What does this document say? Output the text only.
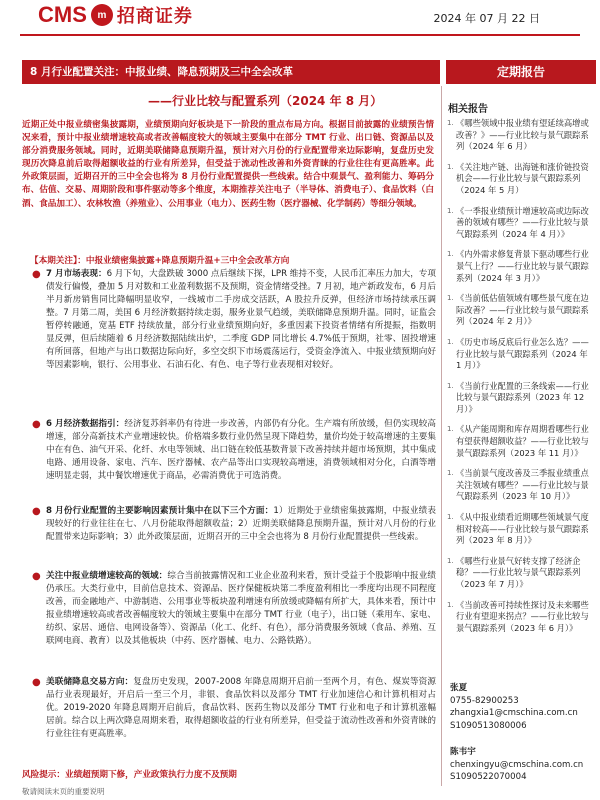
CMS m 招商证券	2024 年 07 月 22 日
8 月行业配置关注：中报业绩、降息预期及三中全会改革	定期报告
——行业比较与配置系列（2024 年 8 月）

近期正处中报业绩密集披露期，业绩预期向好板块是下一阶段的重点布局方向。根据目前披露的业绩预告情况来看，预计中报业绩增速较高或者改善幅度较大的领域主要集中在部分 TMT 行业、出口链、资源品以及部分消费服务领域。同时，近期美联储降息预期升温，预计对六月份的行业配置带来边际影响，复盘历史发现历次降息前后取得超额收益的行业有所差异，但受益于流动性改善和外资青睐的行业往往有更高胜率。此外政策层面，近期召开的三中全会也将为 8 月份行业配置提供一些线索。结合中观景气、盈利能力、筹码分布、估值、交易、周期阶段和事件驱动等多个维度，本期推荐关注电子（半导体、消费电子）、食品饮料（白酒、食品加工）、农林牧渔（养殖业）、公用事业（电力）、医药生物（医疗器械、化学制药）等细分领域。

【本期关注】：中报业绩密集披露+降息预期升温+三中全会改革方向
● 7 月市场表现：6 月下旬，大盘跌破 3000 点后继续下探，LPR 维持不变，人民币汇率压力加大，专项债发行偏慢，叠加 5 月对数和工业盈利数据不及预期，资金情绪受挫。7 月初，地产新政发布，6 月后半月新房销售同比降幅明显收窄，一线城市二手房成交活跃，A 股拉升反弹，但经济市场持续承压调整。7 月第二周，美国 6 月经济数据持续走弱，服务业景气趋缓，美联储降息预期升温。同时，证监会暂停转融通，宽基 ETF 持续放量，部分行业业绩预期向好，多重因素下投资者情绪有所提振，指数明显反弹，但后续随着 6 月经济数据陆续出炉，二季度 GDP 同比增长 4.7%低于预期，社零、固投增速有所回落，但地产与出口数据边际向好，多空交织下市场震荡运行，受资金净流入、中报业绩预期向好等因素影响，银行、公用事业、石油石化、有色、电子等行业表现相对较好。
● 6 月经济数据指引：经济复苏斜率仍有待进一步改善，内部仍有分化。生产端有所放缓，但仍实现较高增速，部分高新技术产业增速较快。价格端多数行业仍然呈现下降趋势，量价均处于较高增速的主要集中在有色、油气开采、化纤、水电等领域、出口链在较低基数背景下改善持续并超市场预期，其中集成电路、通用设备、家电、汽车、医疗器械、农产品等出口实现较高增速，消费领域相对分化，白酒等增速明显走弱，其中餐饮增速优于商品，必需消费优于可选消费。
● 8 月份行业配置的主要影响因素预计集中在以下三个方面：1）近期处于业绩密集披露期，中报业绩表现较好的行业往往在七、八月份能取得超额收益；2）近期美联储降息预期升温，预计对八月份的行业配置带来边际影响；3）此外政策层面，近期召开的三中全会也将为 8 月份行业配置提供一些线索。
● 关注中报业绩增速较高的领域：综合当前披露情况和工业企业盈利来看，预计受益于个股影响中报业绩仍承压。大类行业中，目前信息技术、资源品、医疗保健板块第二季度盈利相比一季度均出现不同程度改善，而金融地产、中游制造、公用事业等板块盈利增速有所放缓或降幅有所扩大，具体来看，预计中报业绩增速较高或者改善幅度较大的领域主要集中在部分 TMT 行业（电子），出口链（乘用车、家电、纺织、家居、通信、电网设备等）、资源品（化工、化纤、有色），部分消费服务领域（食品、养殖、互联网电商、教育）以及其他板块（中药、医疗器械、电力、公路铁路）。
● 美联储降息交易方向：复盘历史发现，2007-2008 年降息周期开启前一至两个月，有色、煤炭等资源品行业表现最好，开启后一至三个月，非银、食品饮料以及部分 TMT 行业加速信心和计算机相对占优。2019-2020 年降息周期开启前后，食品饮料、医药生物以及部分 TMT 行业和电子和计算机涨幅居前。综合以上两次降息周期来看，取得超额收益的行业有所差异，但受益于流动性改善和外资青睐的行业往往有更高胜率。
风险提示：业绩超预期下修，产业政策执行力度不及预期
敬请阅读末页的重要说明
相关报告
1. 《哪些领域中报业绩有望延续高增或改善？》——行业比较与景气跟踪系列（2024 年 6 月）
1. 《关注地产链、出海链和涨价链投资机会——行业比较与景气跟踪系列（2024 年 5 月）
1. 《一季报业绩预计增速较高或边际改善的领域有哪些？——行业比较与景气跟踪系列（2024 年 4 月）》
1. 《内外需求修复背景下驱动哪些行业景气上行？——行业比较与景气跟踪系列（2024 年 3 月）》
1. 《当前低估值领域有哪些景气度在边际改善？——行业比较与景气跟踪系列（2024 年 2 月）》
1. 《历史市场反底后行业怎么选？——行业比较与景气跟踪系列（2024 年 1 月）》
1. 《当前行业配置的三条线索——行业比较与景气跟踪系列（2023 年 12 月）》
1. 《从产能周期和库存周期看哪些行业有望获得超额收益？——行业比较与景气跟踪系列（2023 年 11 月）》
1. 《当前景气度改善及三季报业绩重点关注领域有哪些？——行业比较与景气跟踪系列（2023 年 10 月）》
1. 《从中报业绩看近期哪些领域景气度相对较高——行业比较与景气跟踪系列（2023 年 8 月）》
1. 《哪些行业景气好转支撑了经济企稳？——行业比较与景气跟踪系列（2023 年 7 月）》
1. 《当前改善可持续性探讨及未来哪些行业有望迎来拐点？——行业比较与景气跟踪系列（2023 年 6 月）》
张夏
0755-82900253
zhangxia1@cmschina.com.cn
S1090513080006
陈韦宇
chenxingyu@cmschina.com.cn
S1090522070004
